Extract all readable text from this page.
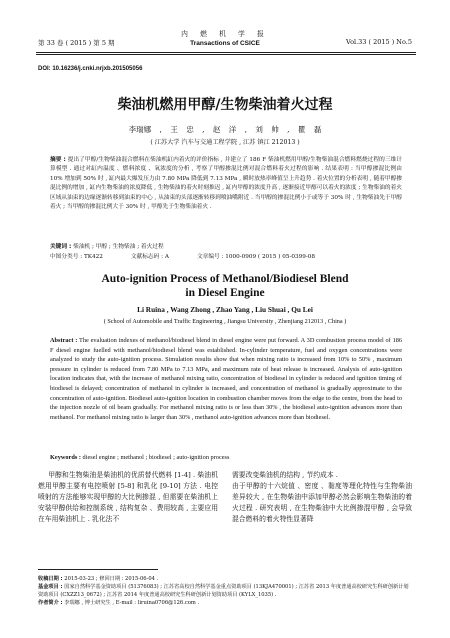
第 33 卷 ( 2015 ) 第 5 期
内 燃 机 学 报
Transactions of CSICE	Vol.33 ( 2015 ) No.5
DOI: 10.16236/j.cnki.nrjxb.201505056
柴油机燃用甲醇/生物柴油着火过程
李瑞娜 , 王 忠 , 赵 洋 , 刘 帅 , 瞿 磊
( 江苏大学 汽车与交通工程学院 , 江苏 镇江 212013 )
摘要 : 提出了甲醇/生物柴油混合燃料在柴油机缸内着火的评价指标 , 并建立了 186 F 柴油机燃用甲醇/生物柴油混合燃料燃烧过程的三维计算模型 . 通过对缸内温度 、燃料浓度 、氧浓度的分析 , 考察了甲醇掺混比例对混合燃料着火过程的影响 . 结果表明 : 当甲醇掺混比例由 10% 增加到 50% 时 , 缸内最大爆发压力由 7.80 MPa 降低到 7.13 MPa , 瞬时放热率峰值呈上升趋势 . 着火位置的分析表明 , 随着甲醇掺混比例的增加 , 缸内生物柴油的浓度降低 , 生物柴油的着火时刻推迟 , 缸内甲醇的浓度升高 , 逐渐接近甲醇可以着火的浓度 ; 生物柴油的着火区域从油束的边缘逐渐转移到油束的中心 , 从油束的头部逐渐转移到喷油嘴附近 . 当甲醇的掺混比例小于或等于 30% 时 , 生物柴油先于甲醇着火 ; 当甲醇的掺混比例大于 30% 时 , 甲醇先于生物柴油着火 .
关键词 : 柴油机 ; 甲醇 ; 生物柴油 ; 着火过程
中图分类号 : TK422	文献标志码 : A	文章编号 : 1000-0909 ( 2015 ) 05-0399-08
Auto-ignition Process of Methanol/Biodiesel Blend
in Diesel Engine
Li Ruina , Wang Zhong , Zhao Yang , Liu Shuai , Qu Lei
( School of Automobile and Traffic Engineering , Jiangsu University , Zhenjiang 212013 , China )
Abstract : The evaluation indexes of methanol/biodiesel blend in diesel engine were put forward. A 3D combustion process model of 186 F diesel engine fuelled with methanol/biodiesel blend was established. In-cylinder temperature, fuel and oxygen concentrations were analyzed to study the auto-ignition process. Simulation results show that when mixing ratio is increased from 10% to 50% , maximum pressure in cylinder is reduced from 7.80 MPa to 7.13 MPa, and maximum rate of heat release is increased. Analysis of auto-ignition location indicates that, with the increase of methanol mixing ratio, concentration of biodiesel in cylinder is reduced and ignition timing of biodiesel is delayed; concentration of methanol in cylinder is increased, and concentration of methanol is gradually approximate to the concentration of auto-ignition. Biodiesel auto-ignition location in combustion chamber moves from the edge to the centre, from the head to the injection nozzle of oil beam gradually. For methanol mixing ratio is or less than 30% , the biodiesel auto-ignition advances more than methanol. For methanol mixing ratio is larger than 30% , methanol auto-ignition advances more than biodiesel.
Keywords : diesel engine ; methanol ; biodiesel ; auto-ignition process
甲醇和生物柴油是柴油机的优质替代燃料 [1-4] . 柴油机燃用甲醇主要有电控喷射 [5-8] 和乳化 [9-10] 方法 . 电控喷射的方法能够实现甲醇的大比例掺混 , 但需要在柴油机上安装甲醇供给和控制系统 , 结构复杂 、费用较高 , 主要应用在车用柴油机上 . 乳化法不
需要改变柴油机的结构 , 节约成本 .
由于甲醇的十六烷值 、密度 、黏度等理化特性与生物柴油差异较大 , 在生物柴油中添加甲醇必然会影响生物柴油的着火过程 . 研究表明 , 在生物柴油中大比例掺混甲醇 , 会导致混合燃料的着火特性显著降
收稿日期 : 2015-03-23 ; 修回日期 : 2015-06-04 .
基金项目 : 国家自然科学基金资助项目 (51376083) ; 江苏省高校自然科学基金重点资助项目 (13KJA470001) ; 江苏省 2013 年度普通高校研究生科研创新计划资助项目 (CXZZ13_0672) ; 江苏省 2014 年度普通高校研究生科研创新计划资助项目 (KYLX_1035) .
作者简介 : 李瑞娜 , 博士研究生 , E-mail : liruina0706@126.com .
